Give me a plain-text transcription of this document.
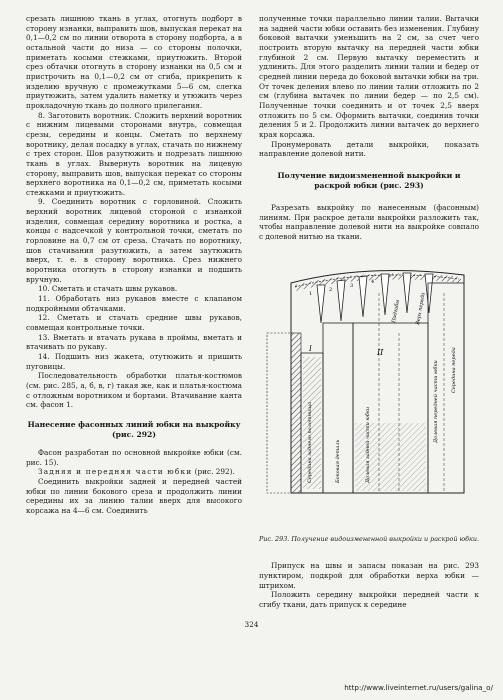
срезать лишнюю ткань в углах, отогнуть подборт в сторону изнанки, выправить шов, выпуская перекат на 0,1—0,2 см по линии отворота в сторону подборта, а в остальной части до низа — со стороны полочки, приметать косыми стежками, приутюжить. Второй срез обтачки отогнуть в сторону изнанки на 0,5 см и пристрочить на 0,1—0,2 см от сгиба, прикрепить к изделию вручную с промежутками 5—6 см, слегка приутюжить, затем удалить наметку и утюжить через прокладочную ткань до полного прилегания.

8. Заготовить воротник. Сложить верхний воротник с нижним лицевыми сторонами внутрь, совмещая срезы, середины и концы. Сметать по верхнему воротнику, делая посадку в углах, стачать по нижнему с трех сторон. Шов разутюжить и подрезать лишнюю ткань в углах. Вывернуть воротник на лицевую сторону, выправить шов, выпуская перекат со стороны верхнего воротника на 0,1—0,2 см, приметать косыми стежками и приутюжить.

9. Соединить воротник с горловиной. Сложить верхний воротник лицевой стороной с изнанкой изделия, совмещая середину воротника и ростка, а концы с надсечкой у контрольной точки, сметать по горловине на 0,7 см от среза. Стачать по воротнику, шов стачивания разутюжить, а затем заутюжить вверх, т. е. в сторону воротника. Срез нижнего воротника отогнуть в сторону изнанки и подшить вручную.

10. Сметать и стачать швы рукавов.

11. Обработать низ рукавов вместе с клапаном подкройными обтачками.

12. Сметать и стачать средние швы рукавов, совмещая контрольные точки.

13. Вметать и втачать рукава в проймы, вметать и втачивать по рукаву.

14. Подшить низ жакета, отутюжить и пришить пуговицы.

Последовательность обработки платья-костюмов (см. рис. 285, а, б, в, г) такая же, как и платья-костюма с отложным воротником и бортами. Втачивание канта см. фасон 1.

Нанесение фасонных линий юбки на выкройку (рис. 292)

Фасон разработан по основной выкройке юбки (см. рис. 15).

Задняя и передняя части юбки (рис. 292).

Соединить выкройки задней и передней частей юбки по линии бокового среза и продолжить линии середины их за линию талии вверх для высокого корсажа на 4—6 см. Соединить

полученные точки параллельно линии талии. Вытачки на задней части юбки оставить без изменения. Глубину боковой вытачки уменьшить на 2 см, за счет чего построить вторую вытачку на передней части юбки глубиной 2 см. Первую вытачку переместить и удлинить. Для этого разделить линии талии и бедер от средней линии переда до боковой вытачки юбки на три. От точек деления влево по линии талии отложить по 2 см (глубина вытачек по линии бедер — по 2,5 см). Полученные точки соединить и от точек 2,5 вверх отложить по 5 см. Оформить вытачки, соединив точки деления 5 и 2. Продолжить линии вытачек до верхнего края корсажа.

Пронумеровать детали выкройки, показать направление долевой нити.

Получение видоизмененной выкройки и раскрой юбки (рис. 293)

Разрезать выкройку по нанесенным (фасонным) линиям. При раскрое детали выкройки разложить так, чтобы направление долевой нити на выкройке совпало с долевой нитью на ткани.

II
I
1
2
3
4
Середина заднего полотнища	Боковая деталь
Подгибы	Верх переда
Долевая передней части юбки Середина переда
Долевая задней части юбки
Рис. 293. Получение видоизмененной выкройки и раскрой юбки.

Припуск на швы и запасы показан на рис. 293 пунктиром, подкрой для обработки верха юбки — штрихом.

Положить середину выкройки передней части к сгибу ткани, дать припуск к середине

324
http://www.liveinternet.ru/users/galina_o/
